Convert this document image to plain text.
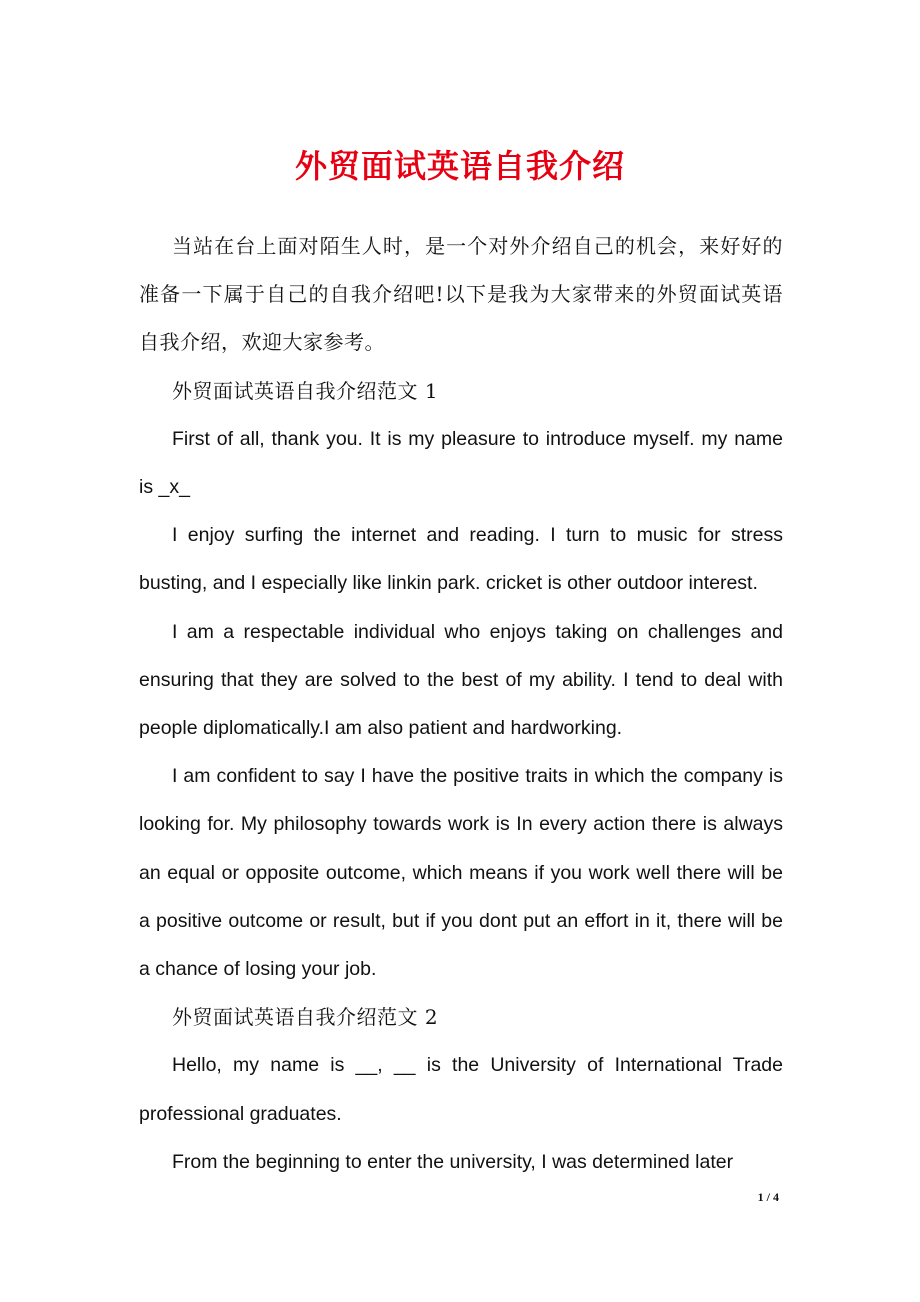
外贸面试英语自我介绍

当站在台上面对陌生人时，是一个对外介绍自己的机会，来好好的准备一下属于自己的自我介绍吧!以下是我为大家带来的外贸面试英语自我介绍，欢迎大家参考。

外贸面试英语自我介绍范文 1

First of all, thank you. It is my pleasure to introduce myself. my name is _x_

I enjoy surfing the internet and reading. I turn to music for stress busting, and I especially like linkin park. cricket is other outdoor interest.

I am a respectable individual who enjoys taking on challenges and ensuring that they are solved to the best of my ability. I tend to deal with people diplomatically.I am also patient and hardworking.

I am confident to say I have the positive traits in which the company is looking for. My philosophy towards work is In every action there is always an equal or opposite outcome, which means if you work well there will be a positive outcome or result, but if you dont put an effort in it, there will be a chance of losing your job.

外贸面试英语自我介绍范文 2

Hello, my name is __, __ is the University of International Trade professional graduates.

From the beginning to enter the university, I was determined later

1 / 4
